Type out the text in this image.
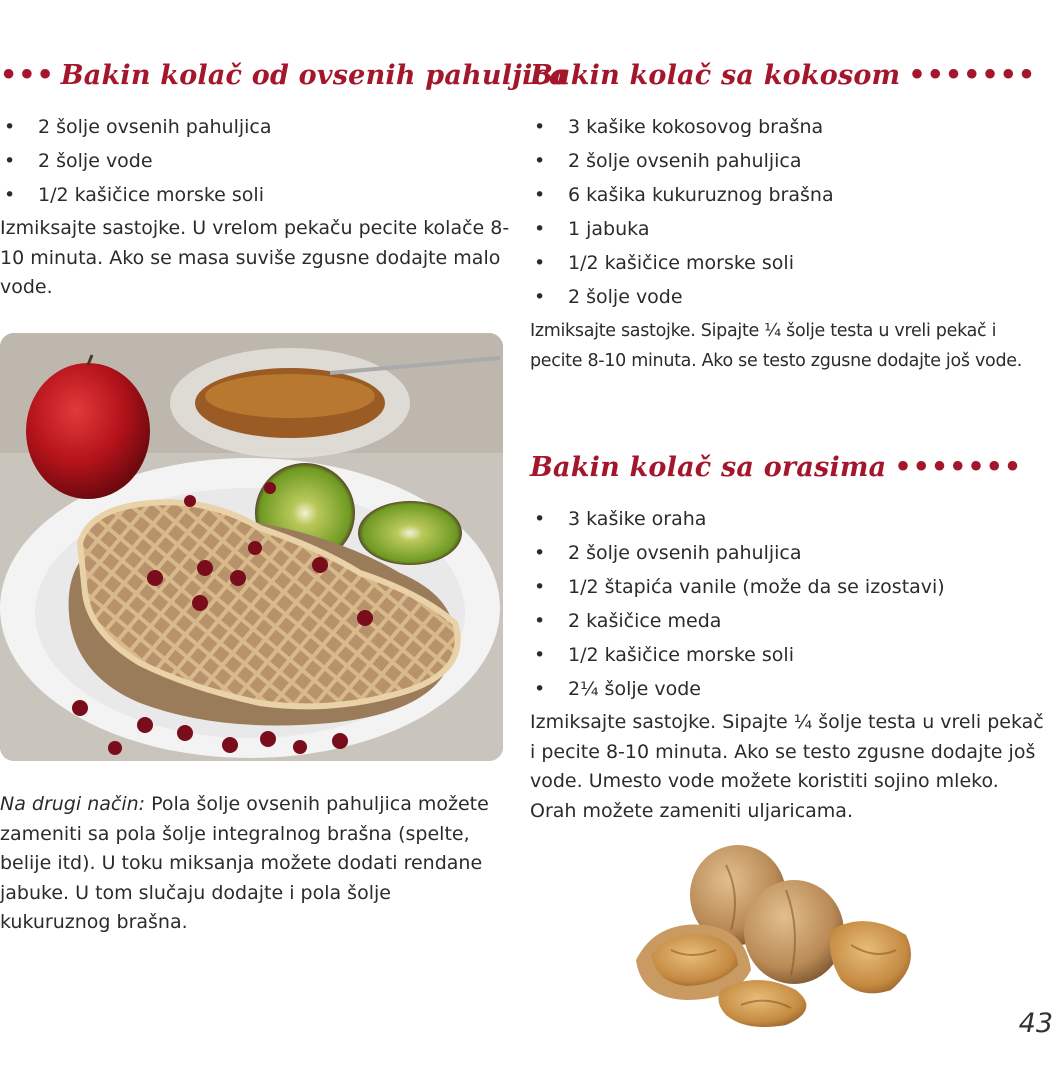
••• Bakin kolač od ovsenih pahuljica
• 2 šolje ovsenih pahuljica
• 2 šolje vode
• 1/2 kašičice morske soli

Izmiksajte sastojke. U vrelom pekaču pecite kolače 8-10 minuta. Ako se masa suviše zgusne dodajte malo vode.

Na drugi način: Pola šolje ovsenih pahuljica možete zameniti sa pola šolje integralnog brašna (spelte, belije itd). U toku miksanja možete dodati rendane jabuke. U tom slučaju dodajte i pola šolje kukuruznog brašna.
Bakin kolač sa kokosom •••••••
• 3 kašike kokosovog brašna
• 2 šolje ovsenih pahuljica
• 6 kašika kukuruznog brašna
• 1 jabuka
• 1/2 kašičice morske soli
• 2 šolje vode

Izmiksajte sastojke. Sipajte ¼ šolje testa u vreli pekač i pecite 8-10 minuta. Ako se testo zgusne dodajte još vode.

Bakin kolač sa orasima •••••••
• 3 kašike oraha
• 2 šolje ovsenih pahuljica
• 1/2 štapića vanile (može da se izostavi)
• 2 kašičice meda
• 1/2 kašičice morske soli
• 2¼ šolje vode

Izmiksajte sastojke. Sipajte ¼ šolje testa u vreli pekač i pecite 8-10 minuta. Ako se testo zgusne dodajte još vode. Umesto vode možete koristiti sojino mleko. Orah možete zameniti uljaricama.

43
